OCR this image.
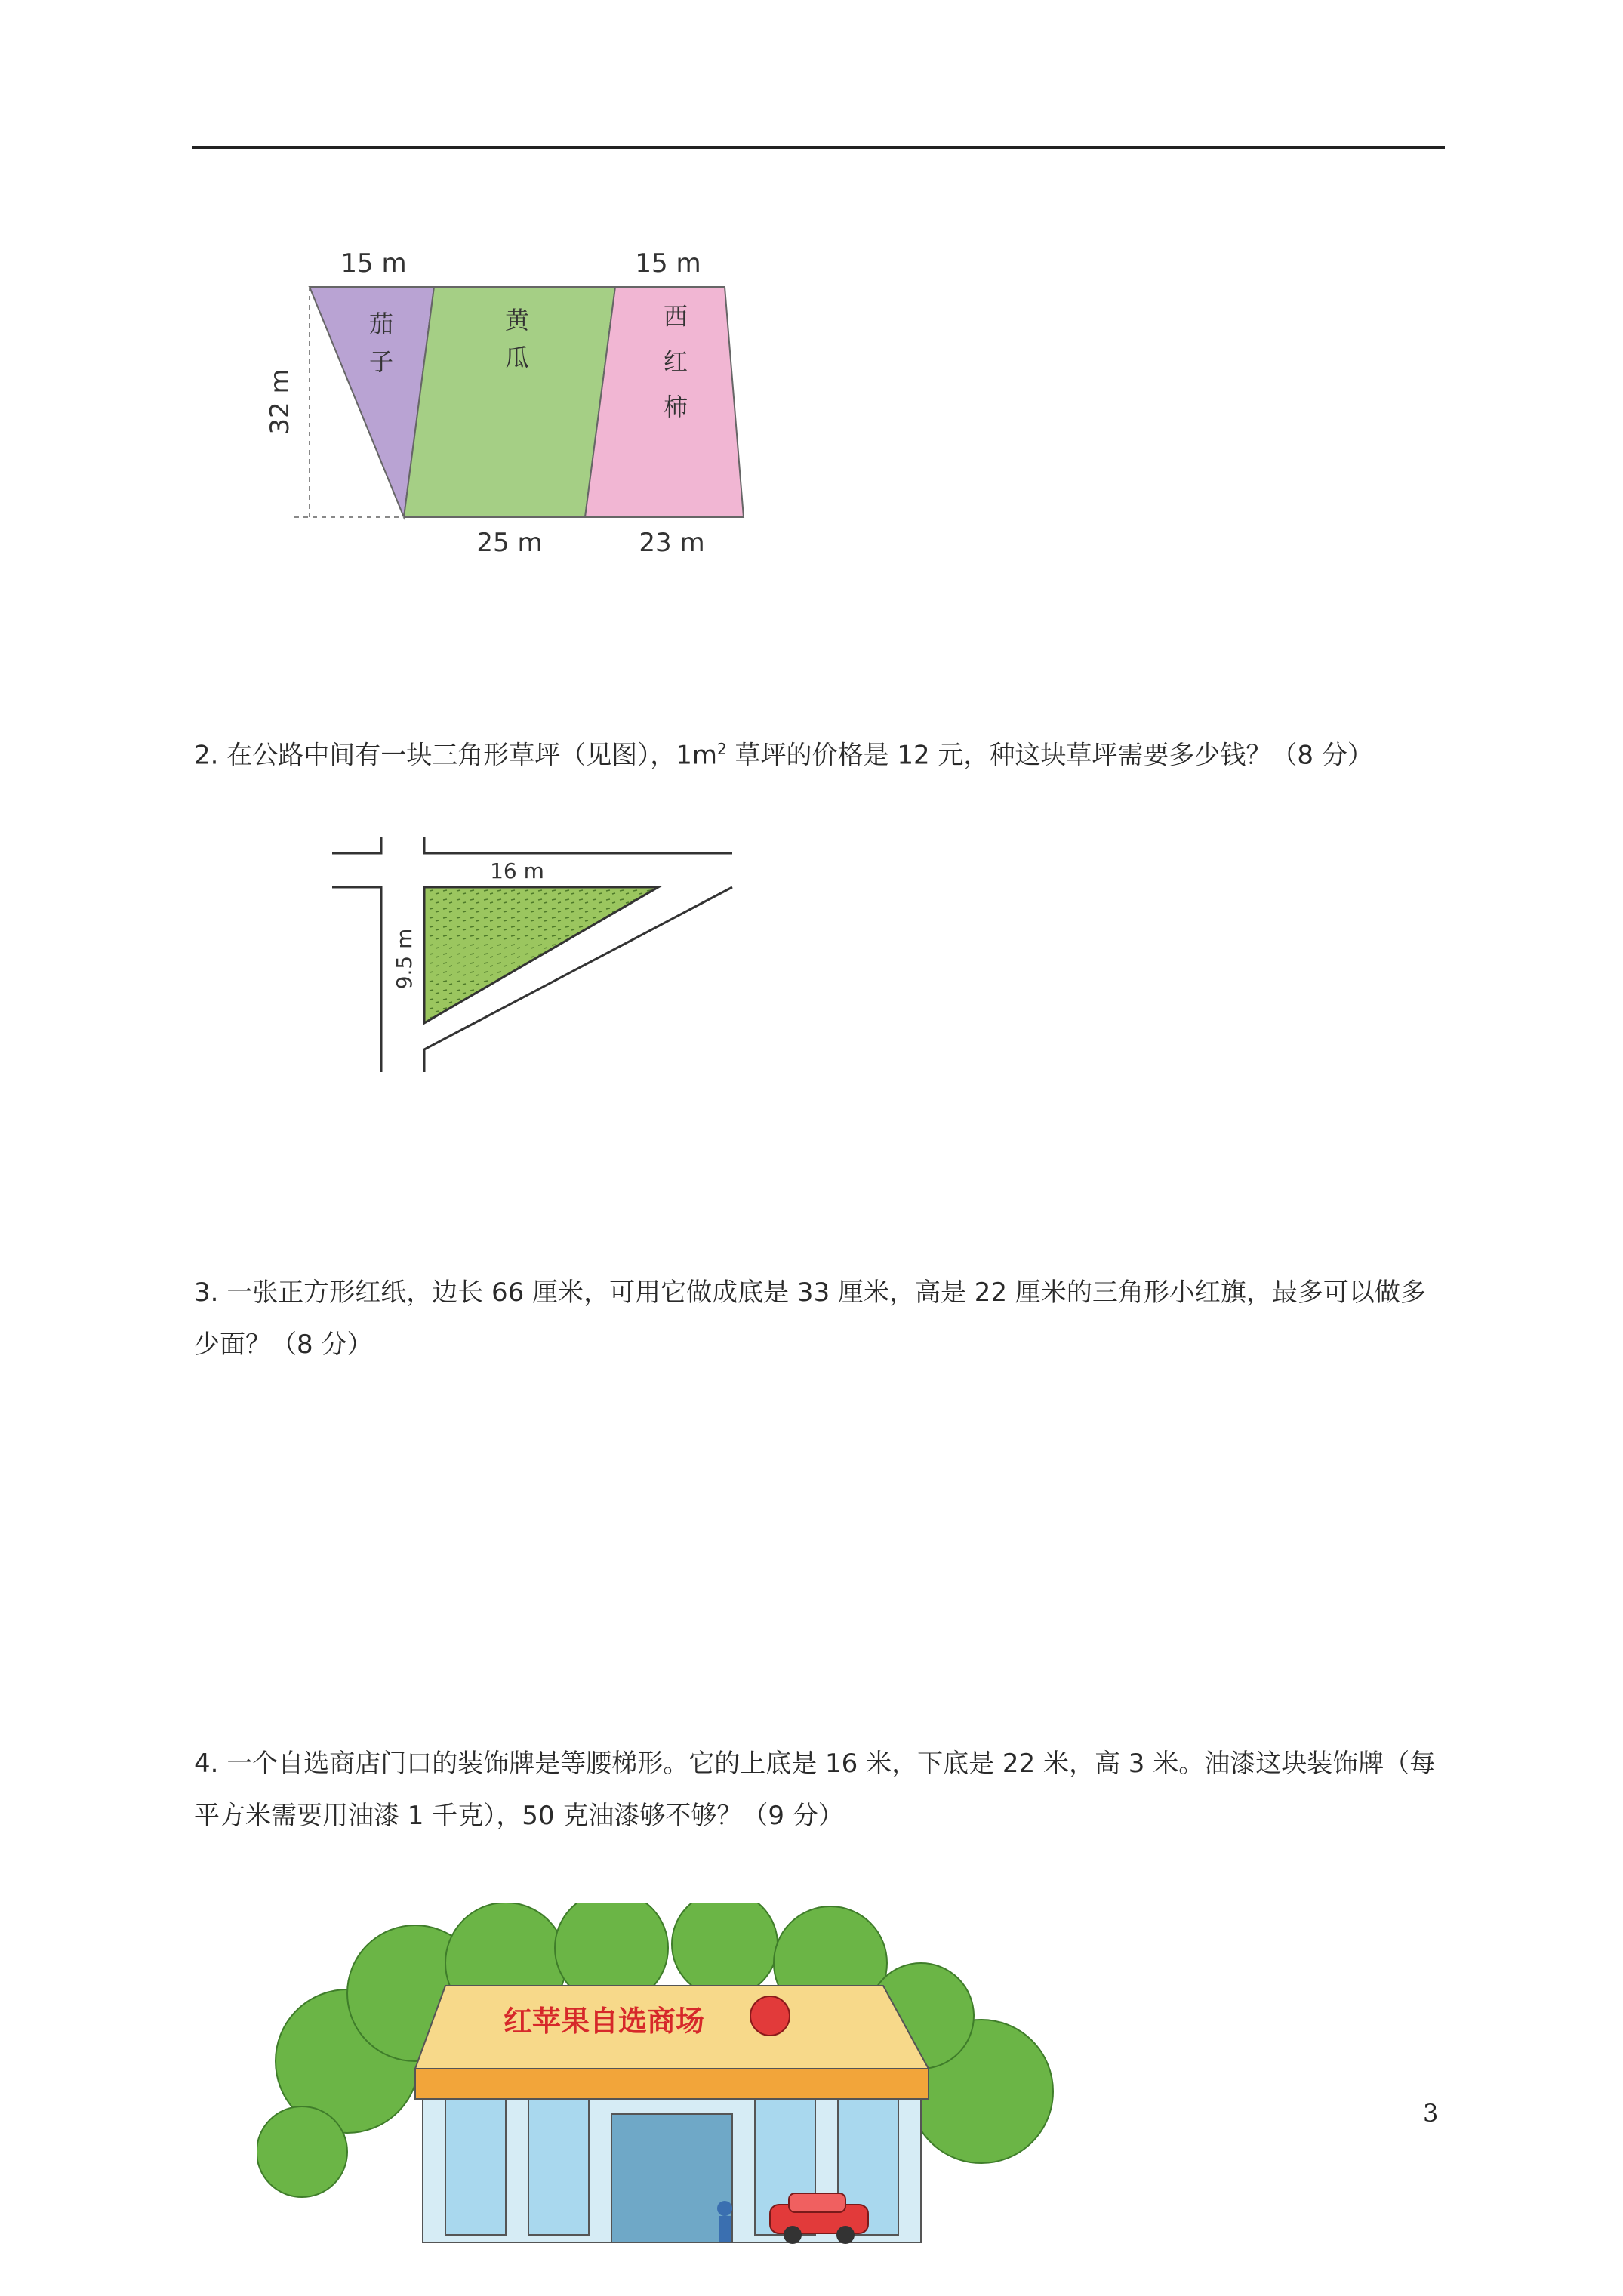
15 m	15 m
25 m	23 m
32 m
茄
子
黄
瓜
西
红
柿
2. 在公路中间有一块三角形草坪（见图），$1m^2$ 草坪的价格是 12 元，种这块草坪需要多少钱？（8 分）
16 m
9.5 m
3. 一张正方形红纸，边长 66 厘米，可用它做成底是 33 厘米，高是 22 厘米的三角形小红旗，最多可以做多少面？（8 分）
4. 一个自选商店门口的装饰牌是等腰梯形。它的上底是 16 米，下底是 22 米，高 3 米。油漆这块装饰牌（每平方米需要用油漆 1 千克），50 克油漆够不够？（9 分）
红苹果自选商场
3
